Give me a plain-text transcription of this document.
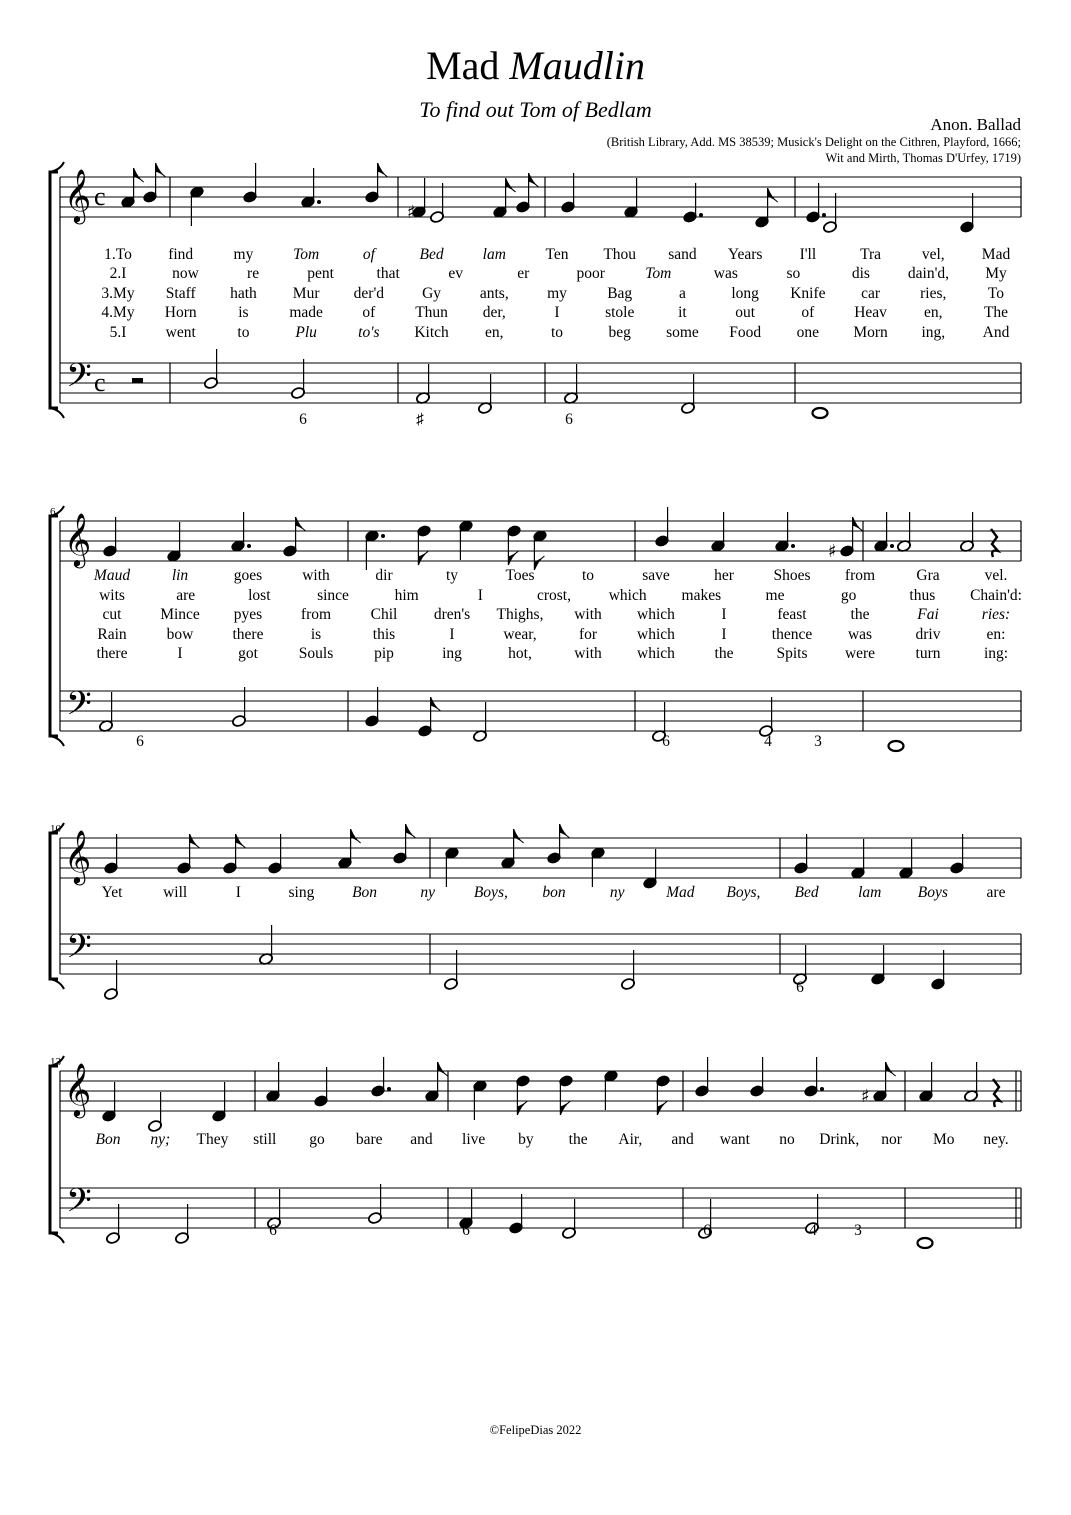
Mad Maudlin
To find out Tom of Bedlam
Anon. Ballad
(British Library, Add. MS 38539; Musick's Delight on the Cithren, Playford, 1666;
Wit and Mirth, Thomas D'Urfey, 1719)
©FelipeDias 2022
6
10
13
𝄞
𝄢
c
c
♯
1.To find	my	Tom	of	Bed	lam	Ten Thou sand Years I'll	Tra	vel, Mad
2.I	now	re	pent	that	ev	er	poor	Tom	was	so	dis dain'd, My
3.My Staff hath Mur der'd Gy	ants, my	Bag	a	long Knife car	ries,	To
4.My Horn	is	made	of	Thun der,	I	stole	it	out	of	Heav en,	The
5.I	went	to	Plu	to's Kitch en,	to	beg some Food one Morn ing, And
6	♯	6
𝄞
𝄢
♯
Maud	lin	goes	with	dir	ty	Toes	to	save	her	Shoes from	Gra	vel.
wits	are	lost	since	him	I	crost, which makes	me	go	thus Chain'd:
cut Mince pyes from	Chil dren's Thighs, with which	I	feast	the	Fai	ries:
Rain	bow	there	is	this	I	wear,	for	which	I	thence was	driv	en:
there	I	got	Souls	pip	ing	hot,	with which	the	Spits were	turn	ing:
6	6	4	3
𝄞
𝄢
Yet	will	I	sing Bon	ny	Boys, bon	ny	Mad Boys, Bed	lam Boys are
6
𝄞
𝄢
♯
Bon ny; They still go bare and live by the Air, and want no Drink, nor Mo ney.
6	6	6	4 3
